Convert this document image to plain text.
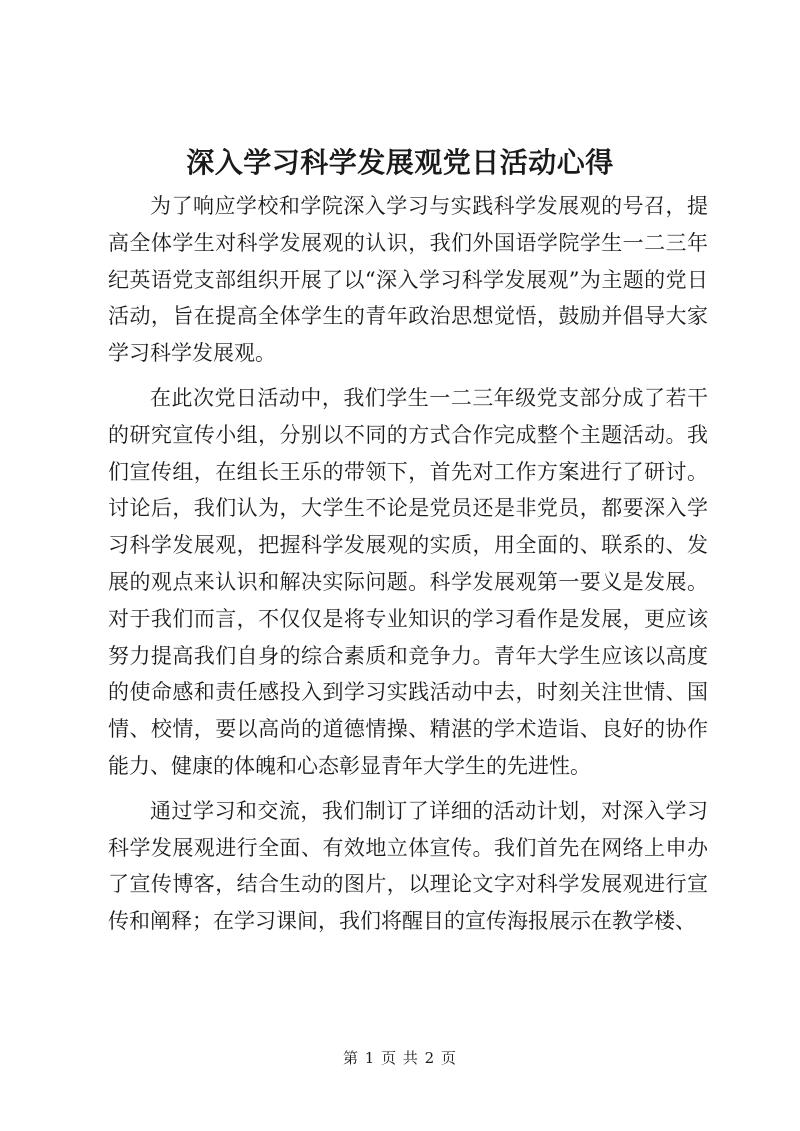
深入学习科学发展观党日活动心得

为了响应学校和学院深入学习与实践科学发展观的号召，提高全体学生对科学发展观的认识，我们外国语学院学生一二三年纪英语党支部组织开展了以“深入学习科学发展观”为主题的党日活动，旨在提高全体学生的青年政治思想觉悟，鼓励并倡导大家学习科学发展观。

在此次党日活动中，我们学生一二三年级党支部分成了若干的研究宣传小组，分别以不同的方式合作完成整个主题活动。我们宣传组，在组长王乐的带领下，首先对工作方案进行了研讨。讨论后，我们认为，大学生不论是党员还是非党员，都要深入学习科学发展观，把握科学发展观的实质，用全面的、联系的、发展的观点来认识和解决实际问题。科学发展观第一要义是发展。对于我们而言，不仅仅是将专业知识的学习看作是发展，更应该努力提高我们自身的综合素质和竞争力。青年大学生应该以高度的使命感和责任感投入到学习实践活动中去，时刻关注世情、国情、校情，要以高尚的道德情操、精湛的学术造诣、良好的协作能力、健康的体魄和心态彰显青年大学生的先进性。

通过学习和交流，我们制订了详细的活动计划，对深入学习科学发展观进行全面、有效地立体宣传。我们首先在网络上申办了宣传博客，结合生动的图片，以理论文字对科学发展观进行宣传和阐释；在学习课间，我们将醒目的宣传海报展示在教学楼、

第 1 页 共 2 页
